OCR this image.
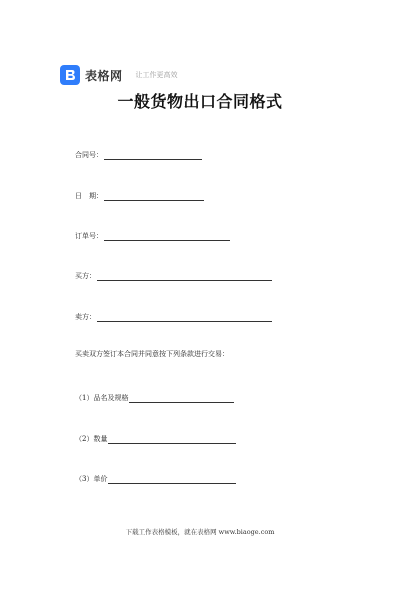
表格网 让工作更高效
一般货物出口合同格式
合同号：
日　期：
订单号：
买方：
卖方：
买卖双方签订本合同并同意按下列条款进行交易：
（1）品名及规格
（2）数量
（3）单价
下载工作表格模板，就在表格网 www.biaoge.com
